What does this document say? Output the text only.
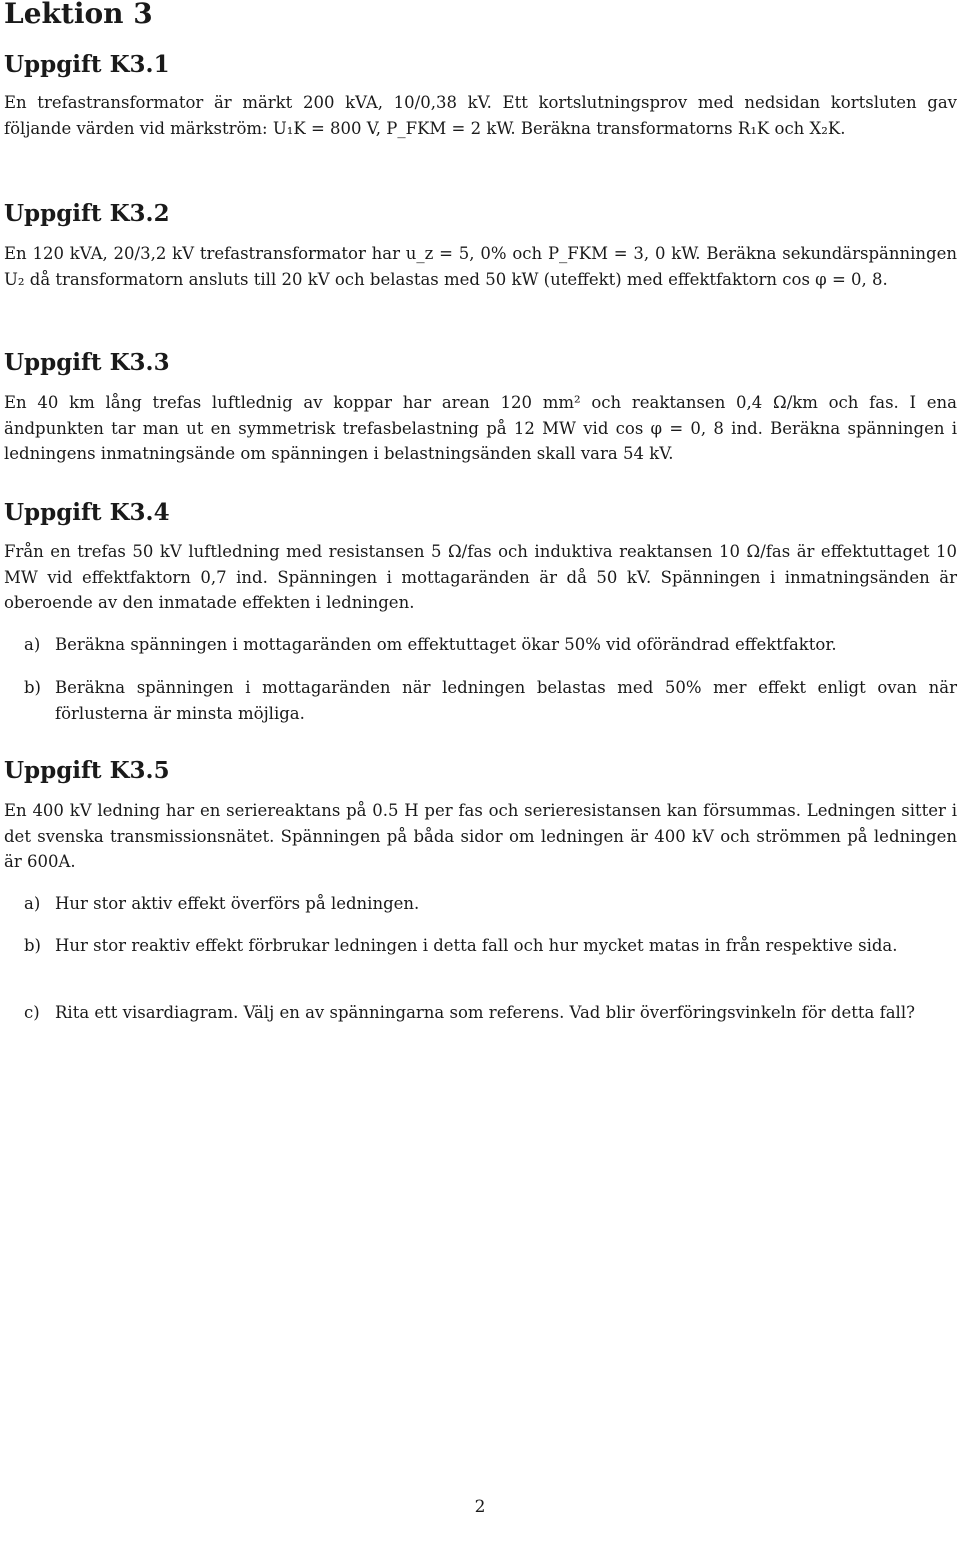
Lektion 3
Uppgift K3.1

En trefastransformator är märkt 200 kVA, 10/0,38 kV. Ett kortslutningsprov med nedsidan kortsluten gav följande värden vid märkström: U₁K = 800 V, P_FKM = 2 kW. Beräkna transformatorns R₁K och X₂K.

Uppgift K3.2

En 120 kVA, 20/3,2 kV trefastransformator har u_z = 5, 0% och P_FKM = 3, 0 kW. Beräkna sekundärspänningen U₂ då transformatorn ansluts till 20 kV och belastas med 50 kW (uteffekt) med effektfaktorn cos φ = 0, 8.

Uppgift K3.3

En 40 km lång trefas luftlednig av koppar har arean 120 mm² och reaktansen 0,4 Ω/km och fas. I ena ändpunkten tar man ut en symmetrisk trefasbelastning på 12 MW vid cos φ = 0, 8 ind. Beräkna spänningen i ledningens inmatningsände om spänningen i belastningsänden skall vara 54 kV.

Uppgift K3.4

Från en trefas 50 kV luftledning med resistansen 5 Ω/fas och induktiva reaktansen 10 Ω/fas är effektuttaget 10 MW vid effektfaktorn 0,7 ind. Spänningen i mottagaränden är då 50 kV. Spänningen i inmatningsänden är oberoende av den inmatade effekten i ledningen.

a) Beräkna spänningen i mottagaränden om effektuttaget ökar 50% vid oförändrad effektfaktor.
b) Beräkna spänningen i mottagaränden när ledningen belastas med 50% mer effekt enligt ovan när förlusterna är minsta möjliga.
Uppgift K3.5

En 400 kV ledning har en seriereaktans på 0.5 H per fas och serieresistansen kan försummas. Ledningen sitter i det svenska transmissionsnätet. Spänningen på båda sidor om ledningen är 400 kV och strömmen på ledningen är 600A.

a) Hur stor aktiv effekt överförs på ledningen.
b) Hur stor reaktiv effekt förbrukar ledningen i detta fall och hur mycket matas in från respektive sida.
c) Rita ett visardiagram. Välj en av spänningarna som referens. Vad blir överföringsvinkeln för detta fall?
2
